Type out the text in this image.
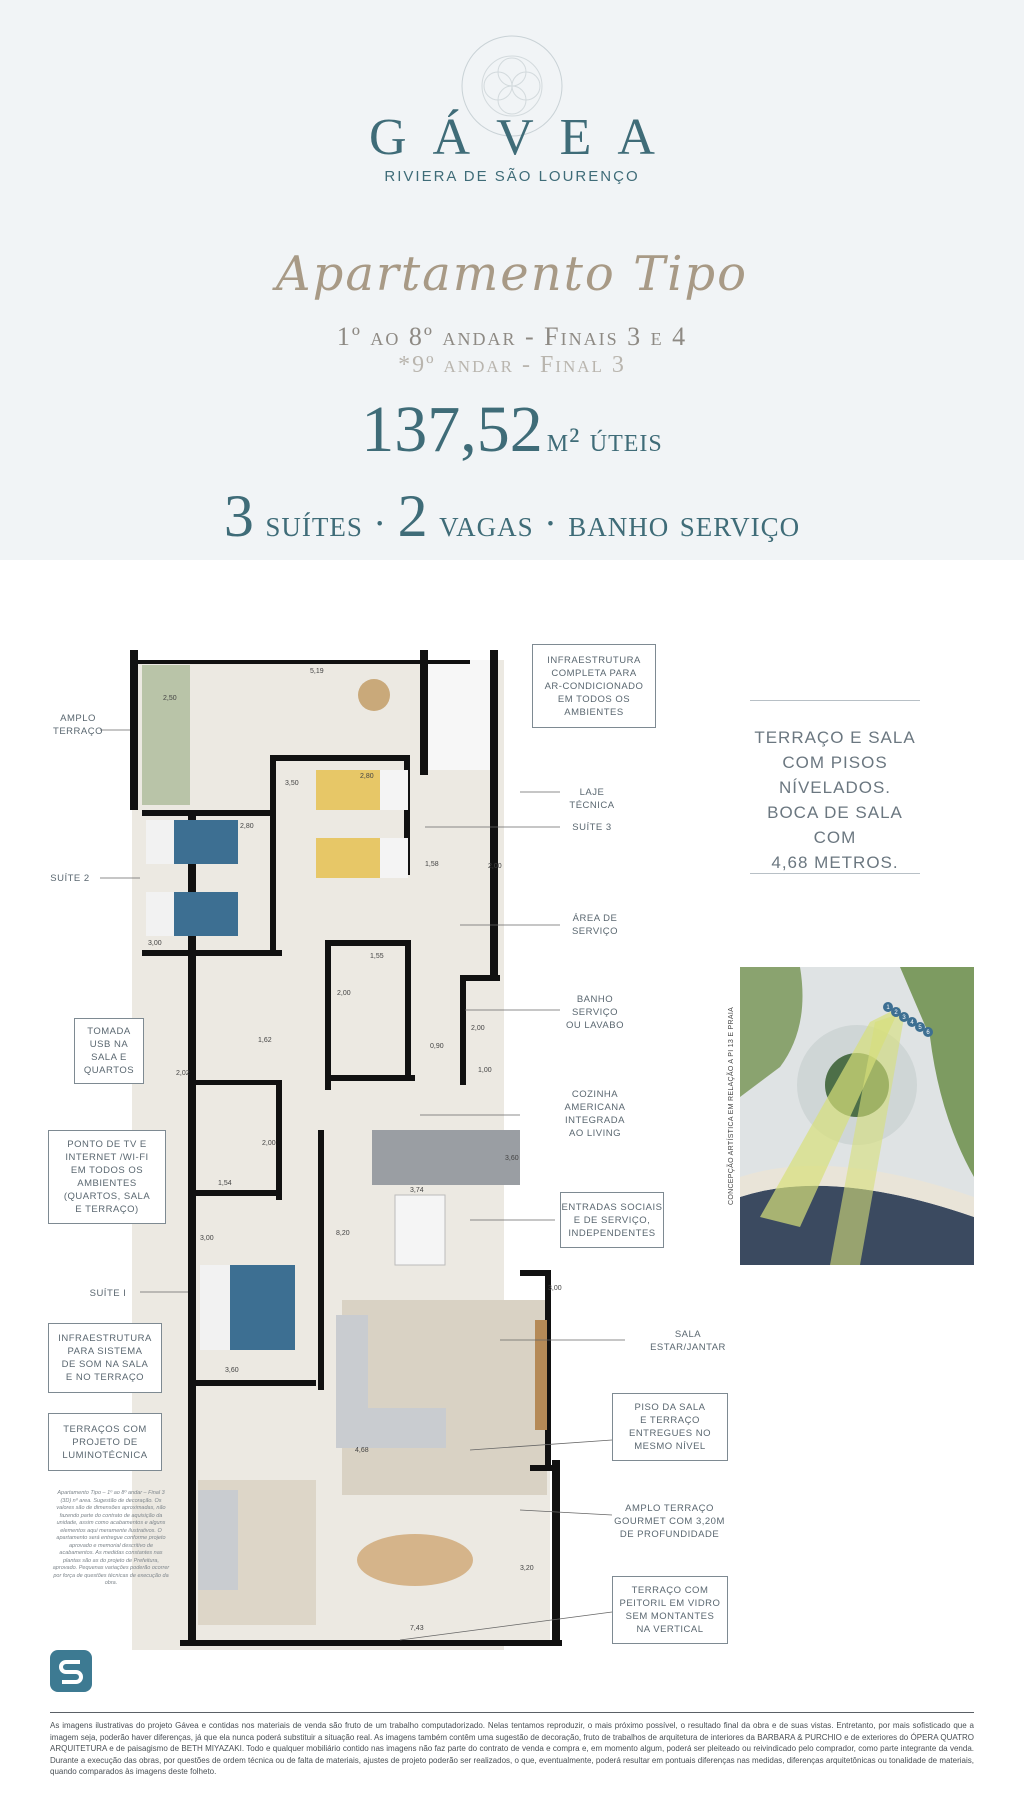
GÁVEA
RIVIERA DE SÃO LOURENÇO
Apartamento Tipo
1º ao 8º andar - Finais 3 e 4
*9º andar - Final 3
137,52 m² úteis
3 suítes · 2 vagas · banho serviço
5,19
2,50
2,80
3,50
2,80
3,00
1,58	2,00
1,55
2,00
0,90
2,00
1,00
2,02
1,62
2,00
1,54
3,00
3,74
3,60
8,20
3,00
3,60
4,68
3,20
7,43
AMPLO
TERRAÇO
SUÍTE 2
LAJE
TÉCNICA
SUÍTE 3
ÁREA DE
SERVIÇO
BANHO
SERVIÇO
OU LAVABO
COZINHA
AMERICANA
INTEGRADA
AO LIVING
SALA
ESTAR/JANTAR
SUÍTE I
AMPLO TERRAÇO
GOURMET COM 3,20M
DE PROFUNDIDADE
INFRAESTRUTURA
COMPLETA PARA
AR-CONDICIONADO
EM TODOS OS
AMBIENTES
TOMADA
USB NA
SALA E
QUARTOS
PONTO DE TV E
INTERNET /WI-FI
EM TODOS OS
AMBIENTES
(QUARTOS, SALA
E TERRAÇO)	ENTRADAS SOCIAIS
E DE SERVIÇO,
INDEPENDENTES
INFRAESTRUTURA
PARA SISTEMA
DE SOM NA SALA
E NO TERRAÇO
TERRAÇOS COM
PROJETO DE
LUMINOTÉCNICA
PISO DA SALA
E TERRAÇO
ENTREGUES NO
MESMO NÍVEL
TERRAÇO COM
PEITORIL EM VIDRO
SEM MONTANTES
NA VERTICAL
TERRAÇO E SALA
COM PISOS
NÍVELADOS.
BOCA DE SALA COM
4,68 METROS.
1
2
3
4
5
6
CONCEPÇÃO ARTÍSTICA EM RELAÇÃO A PI 13 E PRAIA
Apartamento Tipo – 1º ao 8º andar – Final 3 (3D) nº area. Sugestão de decoração. Os valores são de dimensões aproximadas, não fazendo parte do contrato de aquisição da unidade, assim como acabamentos e alguns elementos aqui meramente ilustrativos. O apartamento será entregue conforme projeto aprovado e memorial descritivo de acabamentos. As medidas constantes nas plantas são as do projeto de Prefeitura, aprovado. Pequenas variações poderão ocorrer por força de questões técnicas de execução da obra.
As imagens ilustrativas do projeto Gávea e contidas nos materiais de venda são fruto de um trabalho computadorizado. Nelas tentamos reproduzir, o mais próximo possível, o resultado final da obra e de suas vistas. Entretanto, por mais sofisticado que a imagem seja, poderão haver diferenças, já que ela nunca poderá substituir a situação real. As imagens também contêm uma sugestão de decoração, fruto de trabalhos de arquitetura de interiores da BARBARA & PURCHIO e de exteriores do ÓPERA QUATRO ARQUITETURA e de paisagismo de BETH MIYAZAKI. Todo e qualquer mobiliário contido nas imagens não faz parte do contrato de venda e compra e, em momento algum, poderá ser pleiteado ou reivindicado pelo comprador, como parte integrante da venda. Durante a execução das obras, por questões de ordem técnica ou de falta de materiais, ajustes de projeto poderão ser realizados, o que, eventualmente, poderá resultar em pontuais diferenças nas medidas, diferenças arquitetônicas ou tonalidade de materiais, quando comparados às imagens deste folheto.
